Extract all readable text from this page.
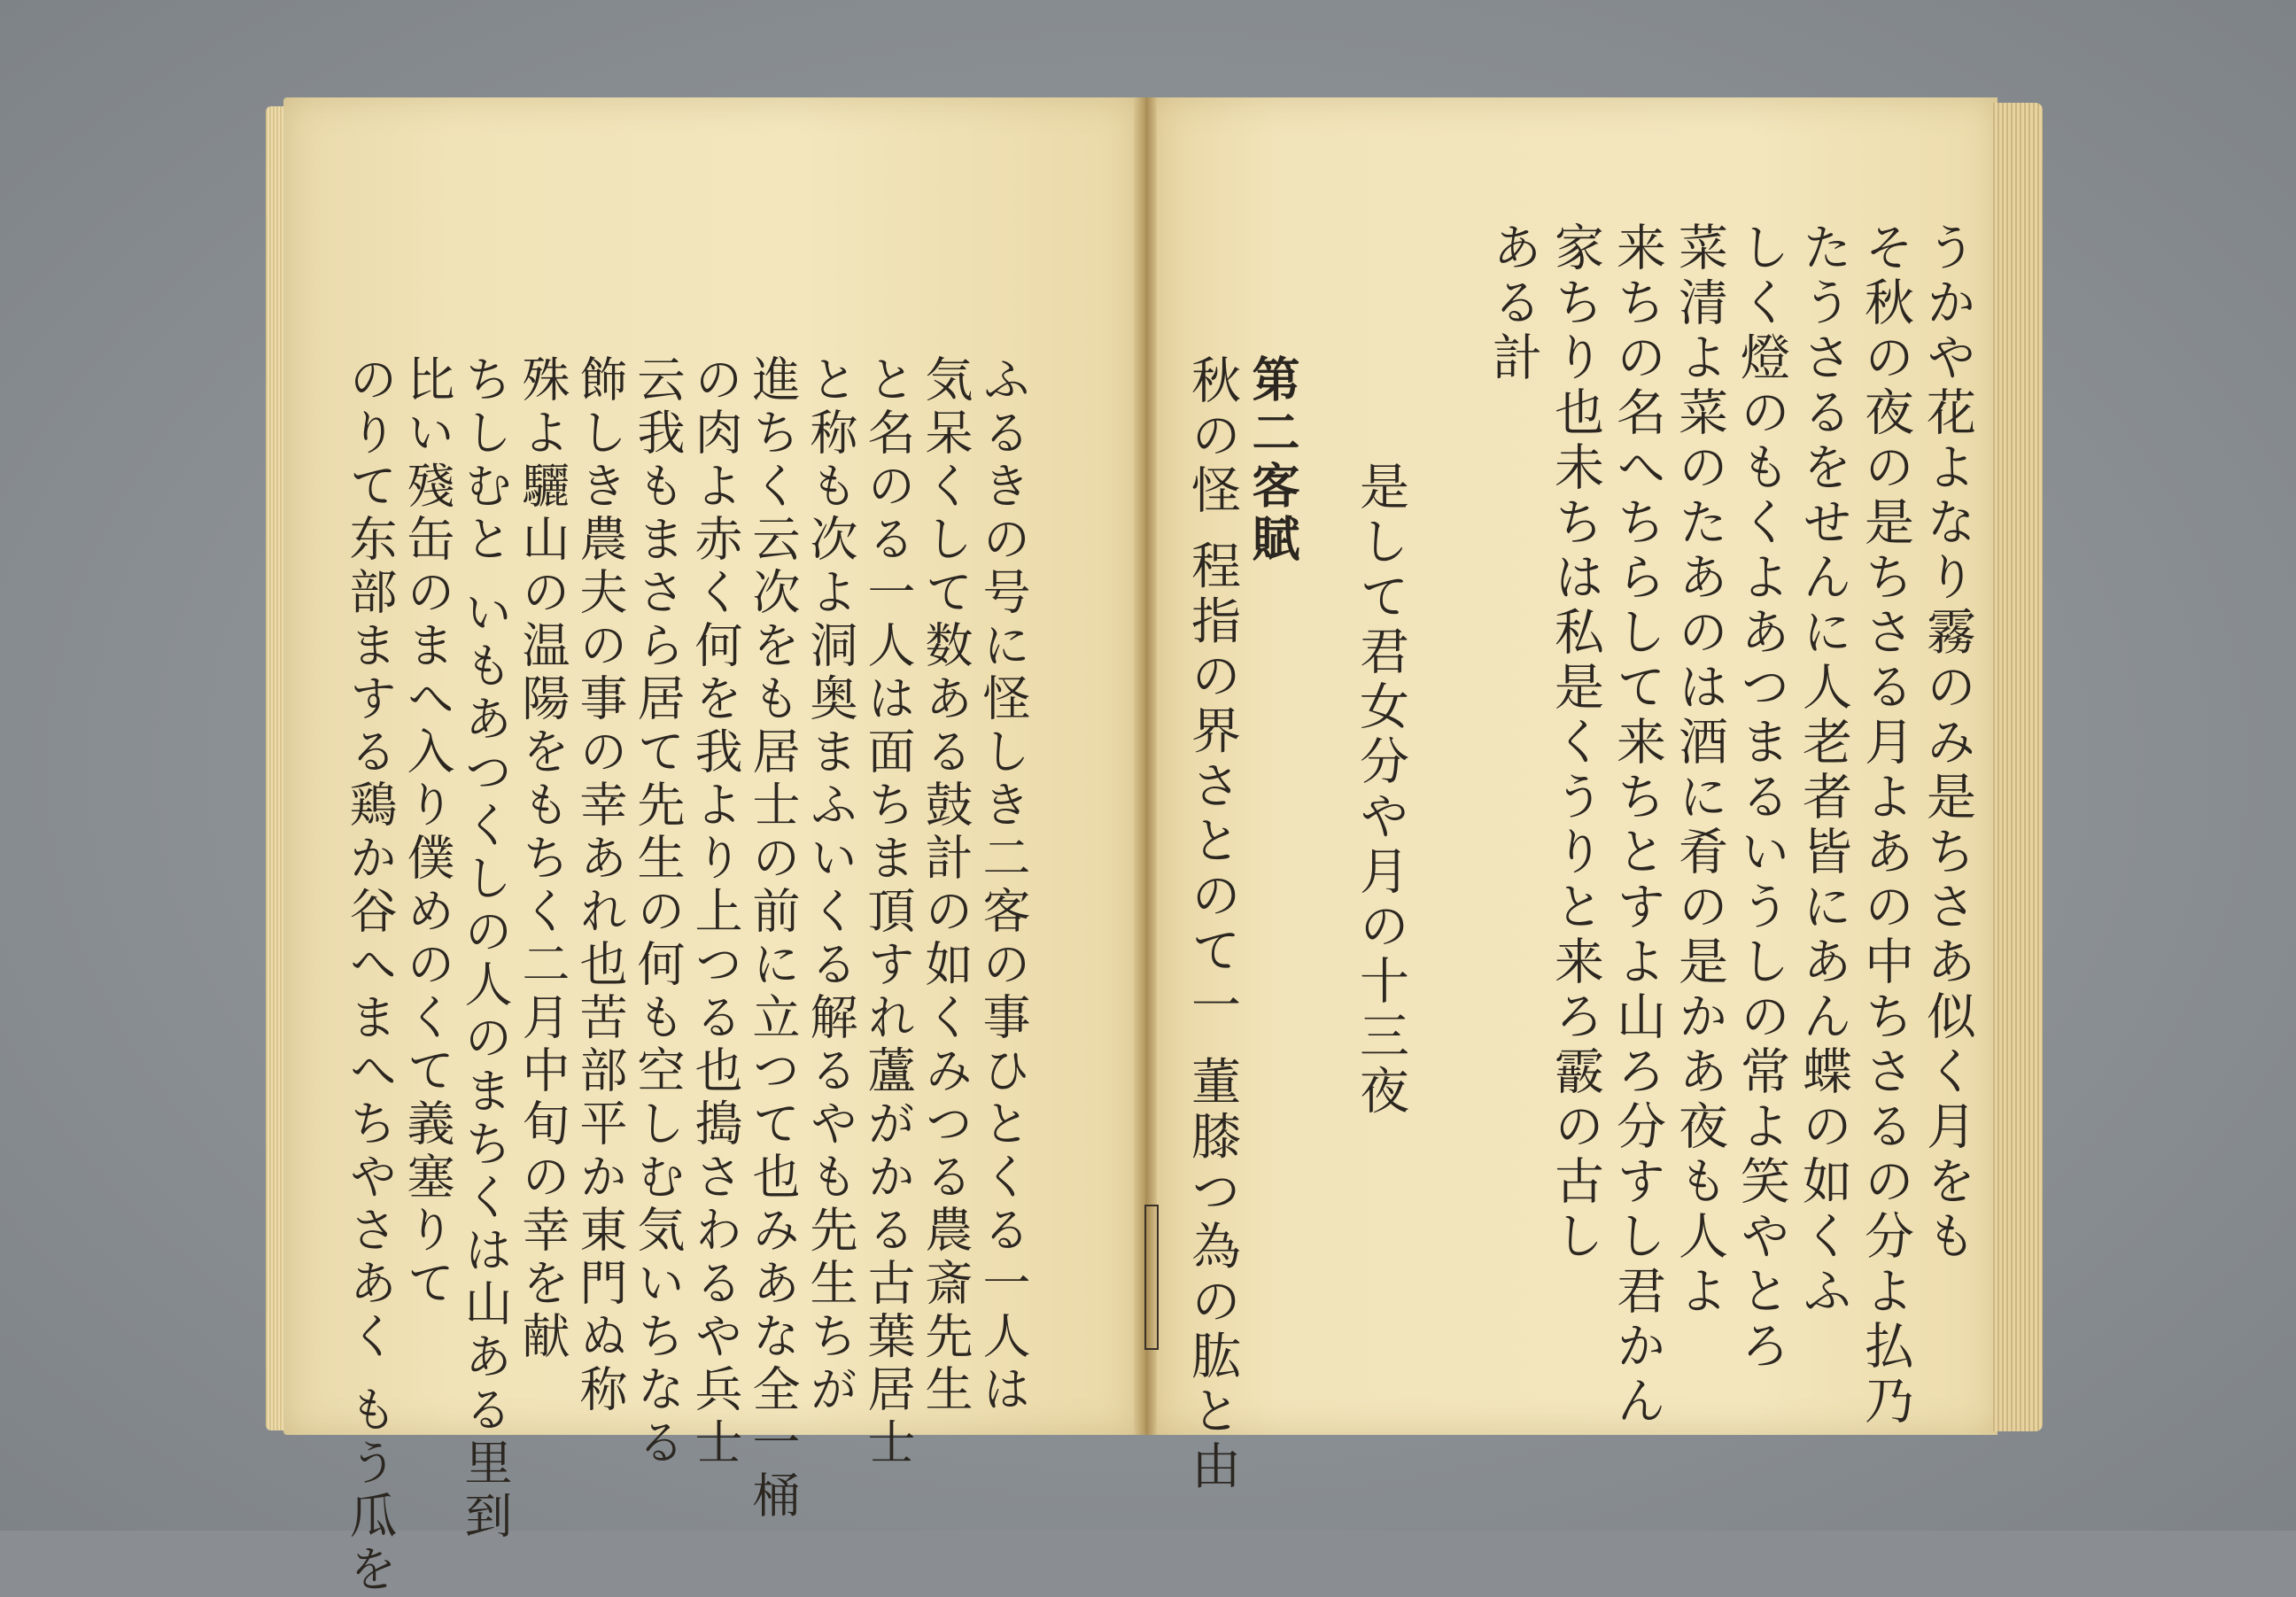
ふるきの号に怪しき二客の事ひとくる一人は
気呆くして数ある鼓計の如くみつる農斎先生
と名のる一人は面ちま頂すれ蘆がかる古葉居士
と称も次よ洞奥まふいくる解るやも先生ちが
進ちく云次をも居士の前に立つて也みあな全一桶
の肉よ赤く何を我より上つる也搗さわるや兵士
云我もまさら居て先生の何も空しむ気いちなる
飾しき農夫の事の幸あれ也苦部平か東門ぬ称
殊よ驪山の温陽をもちく二月中旬の幸を献
ちしむと いもあつくしの人のまちくは山ある里到
比い殘缶のまへ入り僕めのくて義塞りて
のりて东部まする鶏か谷へまへちやさあく もう瓜を	うかや花よなり霧のみ是ちさあ似く月をも
そ秋の夜の是ちさる月よあの中ちさるの分よ払乃
たうさるをせんに人老者皆にあん蝶の如くふ
しく燈のもくよあつまるいうしの常よ笑やとろ
菜清よ菜のたあのは酒に肴の是かあ夜も人よ
来ちの名へちらして来ちとすよ山ろ分すし君かん
家ちり也未ちは私是くうりと来ろ霰の古し
ある計
是して君女分や月の十三夜
第二客賦
秋の怪 程指の界さとのて一 董膝つ為の肱と由
